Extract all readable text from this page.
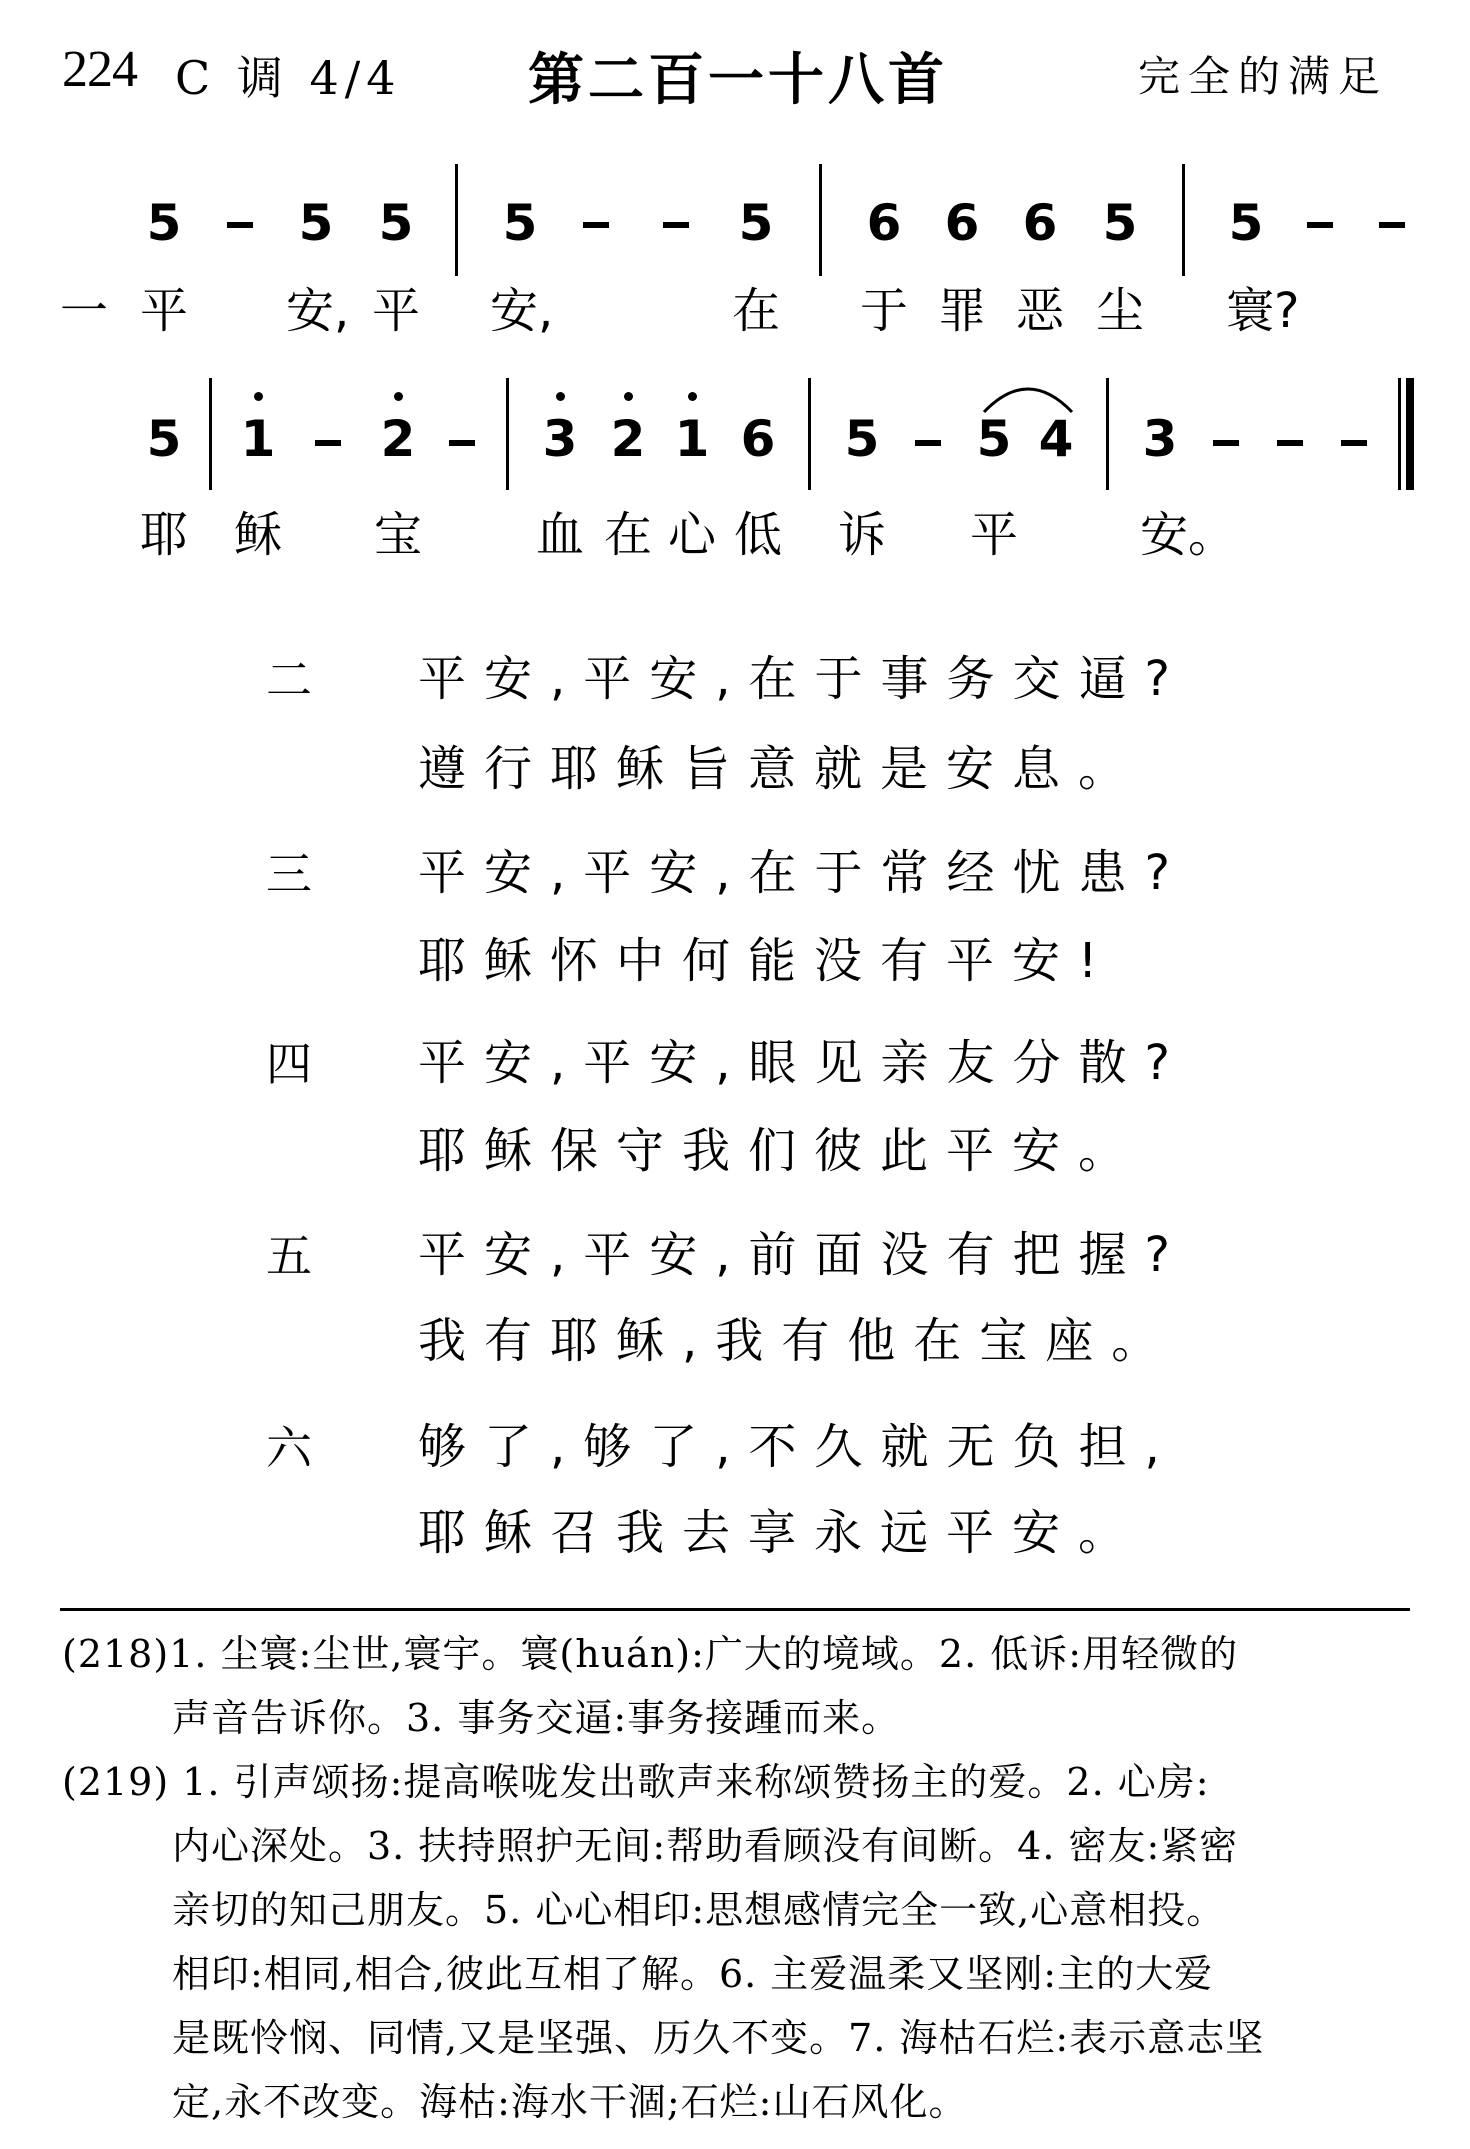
224 C 调 4/4 第二百一十八首	完全的满足
5 5 5 5	5 6 6 6 5 5
一 平 安, 平 安,	在 于 罪 恶 尘 寰?
5 1 2	3 2 1 6 5 5 4 3
耶 稣 宝 血 在 心 低 诉 平	安。
二 平安,平安,在于事务交逼?
遵行耶稣旨意就是安息。
三 平安,平安,在于常经忧患?
耶稣怀中何能没有平安!
四 平安,平安,眼见亲友分散?
耶稣保守我们彼此平安。
五 平安,平安,前面没有把握?
我有耶稣,我有他在宝座。
六 够了,够了,不久就无负担,
耶稣召我去享永远平安。
(218)1. 尘寰:尘世,寰宇。寰(huán):广大的境域。2. 低诉:用轻微的
声音告诉你。3. 事务交逼:事务接踵而来。
(219) 1. 引声颂扬:提高喉咙发出歌声来称颂赞扬主的爱。2. 心房:
内心深处。3. 扶持照护无间:帮助看顾没有间断。4. 密友:紧密
亲切的知己朋友。5. 心心相印:思想感情完全一致,心意相投。
相印:相同,相合,彼此互相了解。6. 主爱温柔又坚刚:主的大爱
是既怜悯、同情,又是坚强、历久不变。7. 海枯石烂:表示意志坚
定,永不改变。海枯:海水干涸;石烂:山石风化。
